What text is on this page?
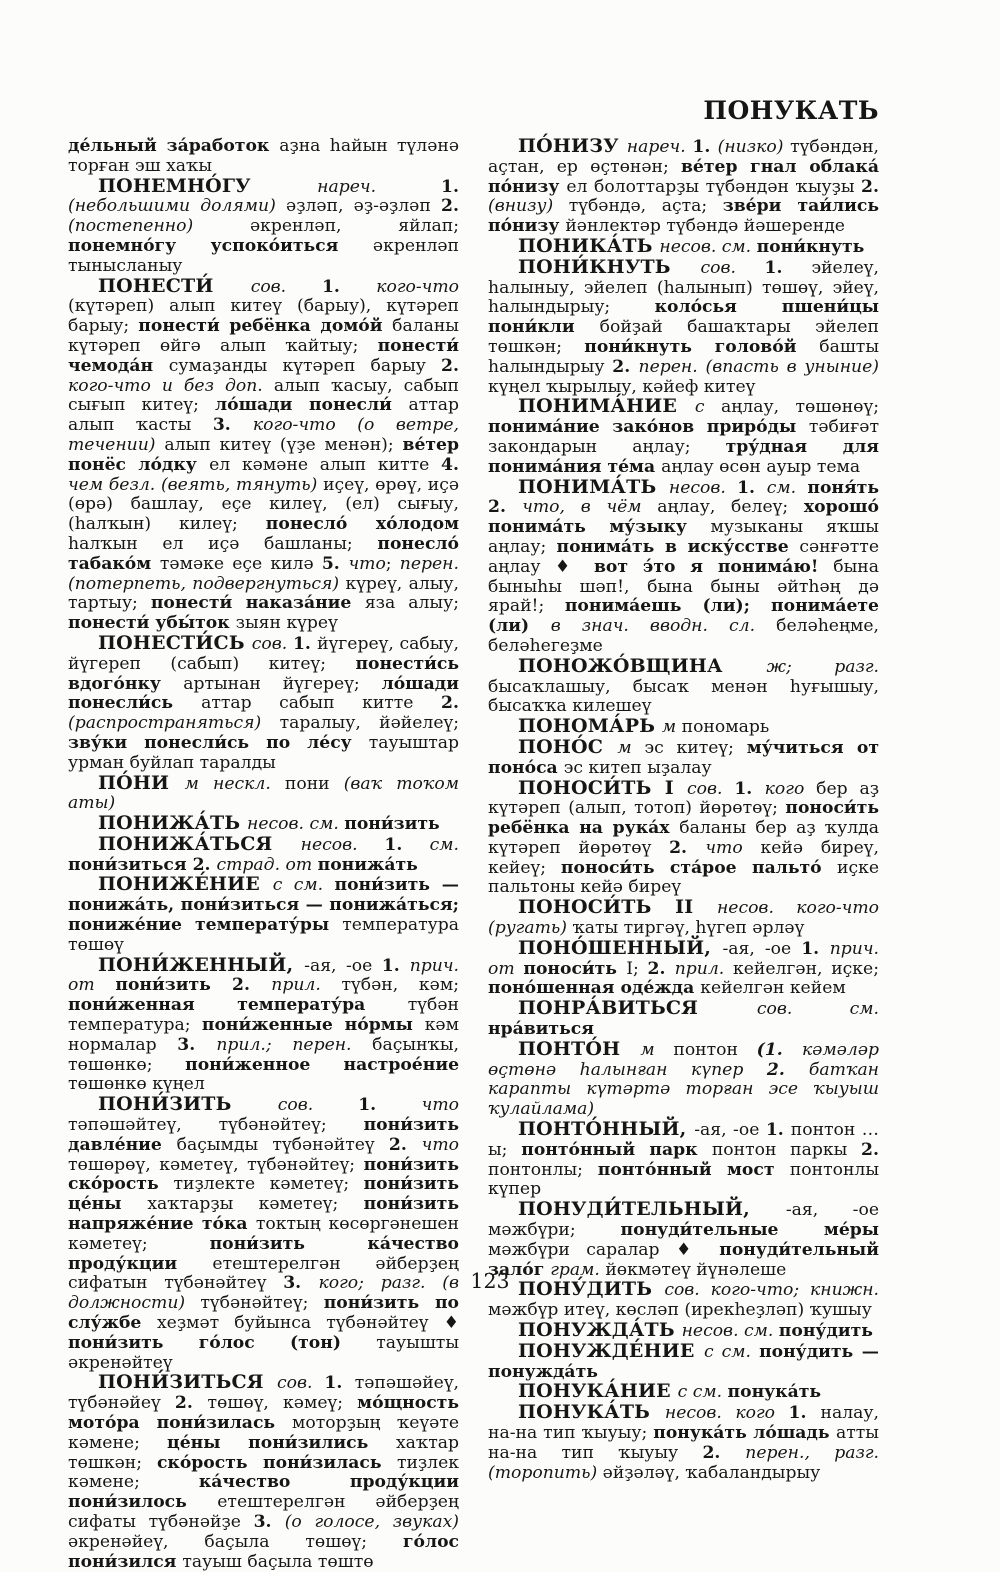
ПОНУКАТЬ

де́льный за́работок аҙна һайын түләнә торған эш хаҡы

ПОНЕМНО́ГУ нареч. 1. (небольшими долями) әҙләп, әҙ-әҙләп 2. (постепенно) әкренләп, яйлап; понемно́гу успоко́иться әкренләп тынысланыу

ПОНЕСТИ́ сов. 1. кого-что (күтәреп) алып китеү (барыу), күтәреп барыу; понести́ ребёнка домо́й баланы күтәреп өйгә алып ҡайтыу; понести́ чемода́н сумаҙанды күтәреп барыу 2. кого-что и без доп. алып ҡасыу, сабып сығып китеү; ло́шади понесли́ аттар алып ҡасты 3. кого-что (о ветре, течении) алып китеү (үҙе менән); ве́тер понёс ло́дку ел кәмәне алып китте 4. чем безл. (веять, тянуть) иҫеү, өрөү, иҫә (өрә) башлау, еҫе килеү, (ел) сығыу, (һалҡын) килеү; понесло́ хо́лодом һалҡын ел иҫә башланы; понесло́ табако́м тәмәке еҫе килә 5. что; перен. (потерпеть, подвергнуться) күреү, алыу, тартыу; понести́ наказа́ние яза алыу; понести́ убы́ток зыян күреү

ПОНЕСТИ́СЬ сов. 1. йүгереү, сабыу, йүгереп (сабып) китеү; понести́сь вдого́нку артынан йүгереү; ло́шади понесли́сь аттар сабып китте 2. (распространяться) таралыу, йәйелеү; зву́ки понесли́сь по ле́су тауыштар урман буйлап таралды

ПО́НИ м нескл. пони (ваҡ тоҡом аты)

ПОНИЖА́ТЬ несов. см. пони́зить

ПОНИЖА́ТЬСЯ несов. 1. см. пони́зиться 2. страд. от понижа́ть

ПОНИЖЕ́НИЕ с см. пони́зить — понижа́ть, пони́зиться — понижа́ться; пониже́ние температу́ры температура төшөү

ПОНИ́ЖЕННЫЙ, -ая, -ое 1. прич. от пони́зить 2. прил. түбән, кәм; пони́женная температу́ра түбән температура; пони́женные но́рмы кәм нормалар 3. прил.; перен. баҫынҡы, төшөнкө; пони́женное настрое́ние төшөнкө күңел

ПОНИ́ЗИТЬ сов. 1. что тәпәшәйтеү, түбәнәйтеү; пони́зить давле́ние баҫымды түбәнәйтеү 2. что төшөрөү, кәметеү, түбәнәйтеү; пони́зить ско́рость тиҙлекте кәметеү; пони́зить це́ны хаҡтарҙы кәметеү; пони́зить напряже́ние то́ка токтың көсөргәнешен кәметеү; пони́зить ка́чество проду́кции етештерелгән әйберҙең сифатын түбәнәйтеү 3. кого; разг. (в должности) түбәнәйтеү; пони́зить по слу́жбе хеҙмәт буйынса түбәнәйтеү ♦ пони́зить го́лос (тон) тауышты әкренәйтеү

ПОНИ́ЗИТЬСЯ сов. 1. тәпәшәйеү, түбәнәйеү 2. төшөү, кәмеү; мо́щность мото́ра пони́зилась моторҙың ҡеүәте кәмене; це́ны пони́зились хаҡтар төшкән; ско́рость пони́зилась тиҙлек кәмене; ка́чество проду́кции пони́зилось етештерелгән әйберҙең сифаты түбәнәйҙе 3. (о голосе, звуках) әкренәйеү, баҫыла төшөү; го́лос пони́зился тауыш баҫыла төштө

ПО́НИЗУ нареч. 1. (низко) түбәндән, аҫтан, ер өҫтөнән; ве́тер гнал облака́ по́низу ел болоттарҙы түбәндән ҡыуҙы 2. (внизу) түбәндә, аҫта; зве́ри таи́лись по́низу йәнлектәр түбәндә йәшеренде

ПОНИКА́ТЬ несов. см. пони́кнуть

ПОНИ́КНУТЬ сов. 1. эйелеү, һалыныу, эйелеп (һалынып) төшөү, эйеү, һалындырыу; коло́сья пшени́цы пони́кли бойҙай башаҡтары эйелеп төшкән; пони́кнуть голово́й башты һалындырыу 2. перен. (впасть в уныние) күңел ҡырылыу, кәйеф китеү

ПОНИМА́НИЕ с аңлау, төшөнөү; понима́ние зако́нов приро́ды тәбиғәт закондарын аңлау; тру́дная для понима́ния те́ма аңлау өсөн ауыр тема

ПОНИМА́ТЬ несов. 1. см. поня́ть 2. что, в чём аңлау, белеү; хорошо́ понима́ть му́зыку музыканы яҡшы аңлау; понима́ть в иску́сстве сәнғәтте аңлау ♦ вот э́то я понима́ю! бына быныһы шәп!, бына быны әйтһәң дә ярай!; понима́ешь (ли); понима́ете (ли) в знач. вводн. сл. беләһеңме, беләһегеҙме

ПОНОЖО́ВЩИНА ж; разг. бысаҡлашыу, бысаҡ менән һуғышыу, бысаҡҡа килешеү

ПОНОМА́РЬ м пономарь

ПОНО́С м эс китеү; му́читься от поно́са эс китеп ыҙалау

ПОНОСИ́ТЬ I сов. 1. кого бер аҙ күтәреп (алып, тотоп) йөрөтөү; поноси́ть ребёнка на рука́х баланы бер аҙ ҡулда күтәреп йөрөтөү 2. что кейә биреү, кейеү; поноси́ть ста́рое пальто́ иҫке пальтоны кейә биреү

ПОНОСИ́ТЬ II несов. кого-что (ругать) ҡаты тиргәү, һүгеп әрләү

ПОНО́ШЕННЫЙ, -ая, -ое 1. прич. от поноси́ть I; 2. прил. кейелгән, иҫке; поно́шенная оде́жда кейелгән кейем

ПОНРА́ВИТЬСЯ сов. см. нра́виться

ПОНТО́Н м понтон (1. кәмәләр өҫтөнә һалынған күпер 2. батҡан карапты күтәртә торған эсе ҡыуыш ҡулайлама)

ПОНТО́ННЫЙ, -ая, -ое 1. понтон …ы; понто́нный парк понтон паркы 2. понтонлы; понто́нный мост понтонлы күпер

ПОНУДИ́ТЕЛЬНЫЙ, -ая, -ое мәжбүри; понуди́тельные ме́ры мәжбүри саралар ♦ понуди́тельный зало́г грам. йөкмәтеү йүнәлеше

ПОНУ́ДИТЬ сов. кого-что; книжн. мәжбүр итеү, көсләп (ирекһеҙләп) ҡушыу

ПОНУЖДА́ТЬ несов. см. пону́дить

ПОНУЖДЕ́НИЕ с см. пону́дить — понужда́ть

ПОНУКА́НИЕ с см. понука́ть

ПОНУКА́ТЬ несов. кого 1. налау, на-на тип ҡыуыу; понука́ть ло́шадь атты на-на тип ҡыуыу 2. перен., разг. (торопить) әйҙәләү, ҡабаландырыу

123
